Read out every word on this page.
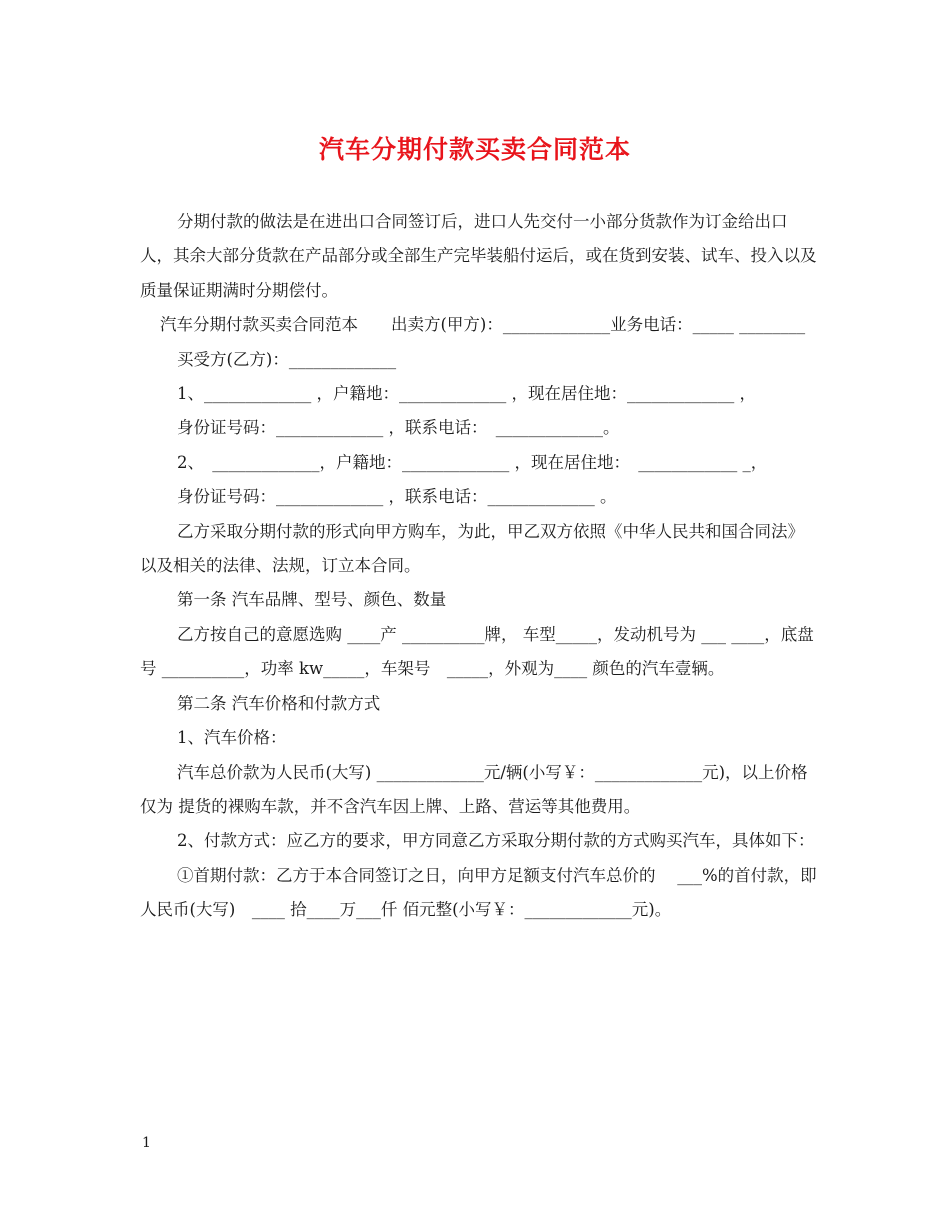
汽车分期付款买卖合同范本

分期付款的做法是在进出口合同签订后，进口人先交付一小部分货款作为订金给出口人，其余大部分货款在产品部分或全部生产完毕装船付运后，或在货到安装、试车、投入以及质量保证期满时分期偿付。

汽车分期付款买卖合同范本　　出卖方(甲方)：_____________业务电话：_____ ________

买受方(乙方)：_____________

1、_____________ ，户籍地：_____________ ，现在居住地：_____________ ，

身份证号码：_____________ ，联系电话：　_____________。

2、　_____________，户籍地：_____________ ，现在居住地：　____________ _，

身份证号码：_____________ ，联系电话：_____________ 。

乙方采取分期付款的形式向甲方购车，为此，甲乙双方依照《中华人民共和国合同法》以及相关的法律、法规，订立本合同。

第一条 汽车品牌、型号、颜色、数量

乙方按自己的意愿选购 ____产 __________牌， 车型_____，发动机号为 ___ ____，底盘号 __________，功率 kw_____，车架号　_____，外观为____ 颜色的汽车壹辆。

第二条 汽车价格和付款方式

1、汽车价格：

汽车总价款为人民币(大写) _____________元/辆(小写￥：_____________元)，以上价格仅为 提货的裸购车款，并不含汽车因上牌、上路、营运等其他费用。

2、付款方式：应乙方的要求，甲方同意乙方采取分期付款的方式购买汽车，具体如下：

①首期付款：乙方于本合同签订之日，向甲方足额支付汽车总价的　 ___%的首付款，即人民币(大写)　____ 拾____万___仟 佰元整(小写￥：_____________元)。

1
